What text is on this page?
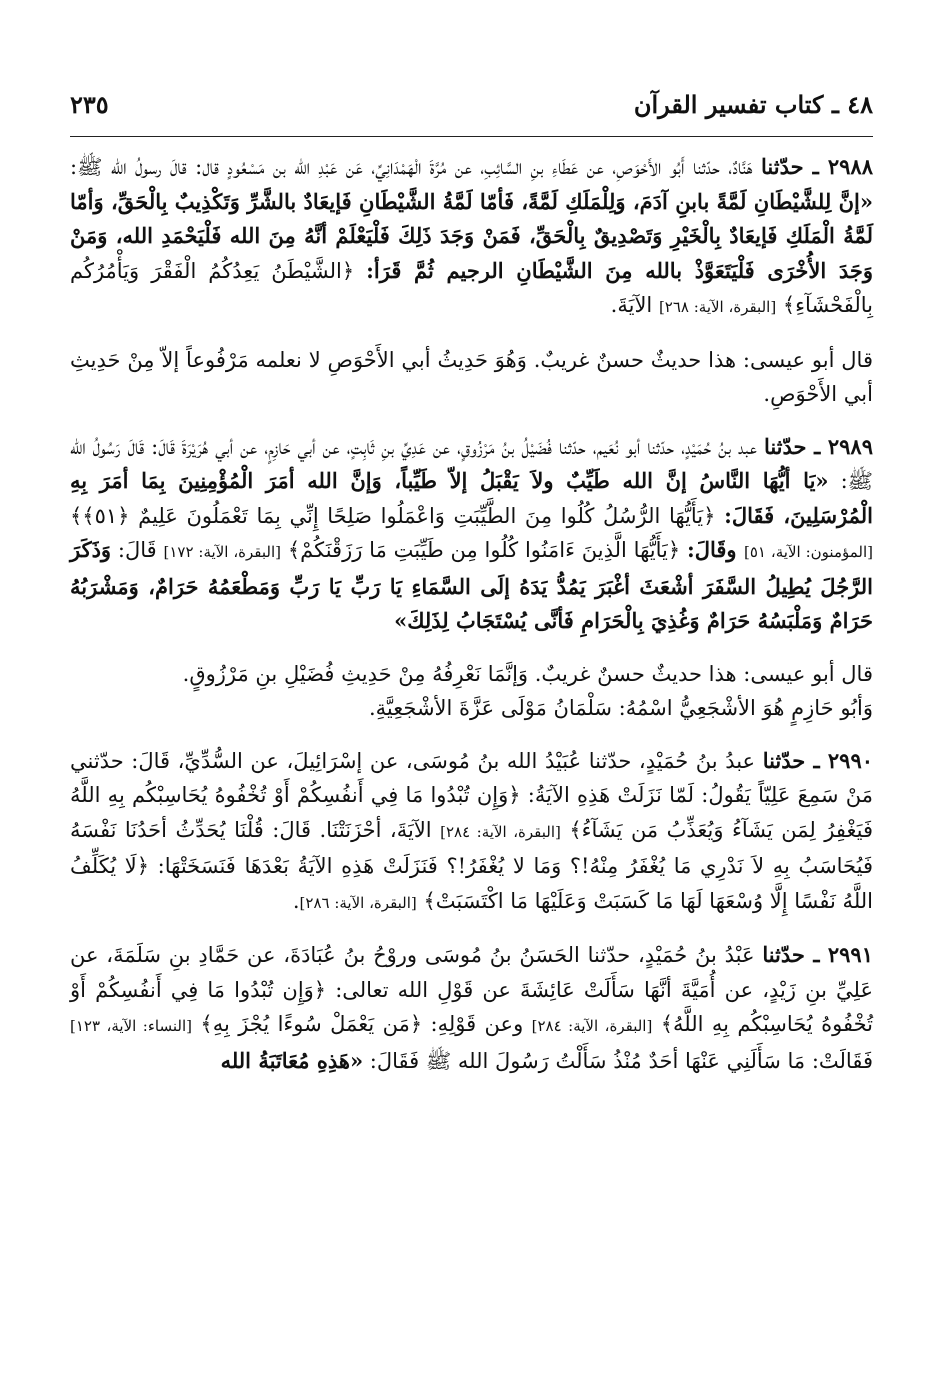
٤٨ ـ كتاب تفسير القرآن
٢٣٥

٢٩٨٨ ـ حدّثنا هَنَّادٌ، حدّثنا أَبُو الأَحْوَصِ، عن عَطَاءِ بنِ السَّائِبِ، عن مُرَّةَ الْهَمْدَانِيِّ، عَن عَبْدِ الله بن مَسْعُودٍ قال: قالَ رسولُ الله ﷺ: «إنَّ لِلشَّيْطَانِ لَمَّةً بابنِ آدَمَ، وَلِلْمَلَكِ لَمَّةً، فَأمّا لَمَّةُ الشَّيْطَانِ فَإيعَادٌ بالشَّرِّ وَتَكْذِيبٌ بِالْحَقِّ، وَأمّا لَمَّةُ الْمَلَكِ فَإيعَادٌ بِالْخَيْرِ وَتَصْدِيقٌ بِالْحَقِّ، فَمَنْ وَجَدَ ذَلِكَ فَلْيَعْلَمْ أنَّهُ مِنَ الله فَلْيَحْمَدِ الله، وَمَنْ وَجَدَ الأُخْرَى فَلْيَتَعَوَّذْ بالله مِنَ الشَّيْطَانِ الرجيم ثُمَّ قَرَأ: ﴿الشَّيْطَنُ يَعِدُكُمُ الْفَقْرَ وَيَأْمُرُكُم بِالْفَحْشَآءِ﴾ [البقرة، الآية: ٢٦٨] الآيَةَ.

قال أبو عيسى: هذا حديثٌ حسنٌ غريبٌ. وَهُوَ حَدِيثُ أبي الأَحْوَصِ لا نعلمه مَرْفُوعاً إلاّ مِنْ حَدِيثِ أبي الأَحْوَصِ.

٢٩٨٩ ـ حدّثنا عبد بنُ حُمَيْدٍ، حدّثنا أبو نُعَيم، حدّثنا فُضَيْلُ بنُ مَرْزُوقٍ، عن عَدِيِّ بنِ ثَابِتٍ، عن أبي حَازِمٍ، عن أبي هُرَيْرَةَ قَالَ: قَالَ رَسُولُ الله ﷺ: «يَا أيُّهَا النَّاسُ إنَّ الله طَيِّبٌ ولاَ يَقْبَلُ إلاّ طَيِّباً، وَإنَّ الله أمَرَ الْمُؤْمِنِينَ بِمَا أمَرَ بِهِ الْمُرْسَلِينَ، فَقَالَ: ﴿يَأَيُّهَا الرُّسُلُ كُلُوا مِنَ الطَّيِّبَتِ وَاعْمَلُوا صَلِحًا إِنِّي بِمَا تَعْمَلُونَ عَلِيمٌ ﴿٥١﴾﴾ [المؤمنون: الآية، ٥١] وقَالَ: ﴿يَأَيُّهَا الَّذِينَ ءَامَنُوا كُلُوا مِن طَيِّبَتِ مَا رَزَقْنَكُمْ﴾ [البقرة، الآية: ١٧٢] قَالَ: وَذَكَرَ الرَّجُلَ يُطِيلُ السَّفَرَ أشْعَثَ أغْبَرَ يَمُدُّ يَدَهُ إلَى السَّمَاءِ يَا رَبِّ يَا رَبِّ وَمَطْعَمُهُ حَرَامٌ، وَمَشْرَبُهُ حَرَامٌ وَمَلْبَسُهُ حَرَامٌ وَغُذِيَ بِالْحَرَامِ فَأنَّى يُسْتَجَابُ لِذَلِكَ»

قال أبو عيسى: هذا حديثٌ حسنٌ غريبٌ. وَإنَّمَا نَعْرِفُهُ مِنْ حَدِيثِ فُضَيْلِ بنِ مَرْزُوقٍ.

وَأبُو حَازِمٍ هُوَ الأشْجَعِيُّ اسْمُهُ: سَلْمَانُ مَوْلَى عَزَّةَ الأشْجَعِيَّةِ.

٢٩٩٠ ـ حدّثنا عبدُ بنُ حُمَيْدٍ، حدّثنا عُبَيْدُ الله بنُ مُوسَى، عن إسْرَائِيلَ، عن السُّدِّيِّ، قَالَ: حدّثني مَنْ سَمِعَ عَلِيّاً يَقُولُ: لَمّا نَزَلَتْ هَذِهِ الآيَةُ: ﴿وَإِن تُبْدُوا مَا فِي أَنفُسِكُمْ أَوْ تُخْفُوهُ يُحَاسِبْكُم بِهِ اللَّهُ فَيَغْفِرُ لِمَن يَشَآءُ وَيُعَذِّبُ مَن يَشَآءُ﴾ [البقرة، الآية: ٢٨٤] الآيَةَ، أحْزَنَتْنَا. قَالَ: قُلْنَا يُحَدِّثُ أحَدُنَا نَفْسَهُ فَيُحَاسَبُ بِهِ لاَ نَدْرِي مَا يُغْفَرُ مِنْهُ!؟ وَمَا لا يُغْفَرُ!؟ فَنَزَلَتْ هَذِهِ الآيَةُ بَعْدَهَا فَنَسَخَتْهَا: ﴿لَا يُكَلِّفُ اللَّهُ نَفْسًا إِلَّا وُسْعَهَا لَهَا مَا كَسَبَتْ وَعَلَيْهَا مَا اكْتَسَبَتْ﴾ [البقرة، الآية: ٢٨٦].

٢٩٩١ ـ حدّثنا عَبْدُ بنُ حُمَيْدٍ، حدّثنا الحَسَنُ بنُ مُوسَى وروْحُ بنُ عُبَادَةَ، عن حَمَّادِ بنِ سَلَمَةَ، عن عَلِيِّ بنِ زَيْدٍ، عن أُمَيَّةَ أنَّهَا سَأَلَتْ عَائِشَةَ عن قَوْلِ الله تعالى: ﴿وَإِن تُبْدُوا مَا فِي أَنفُسِكُمْ أَوْ تُخْفُوهُ يُحَاسِبْكُم بِهِ اللَّهُ﴾ [البقرة، الآية: ٢٨٤] وعن قَوْلِهِ: ﴿مَن يَعْمَلْ سُوءًا يُجْزَ بِهِ﴾ [النساء: الآية، ١٢٣] فَقَالَتْ: مَا سَأَلَنِي عَنْهَا أحَدٌ مُنْذُ سَأَلْتُ رَسُولَ الله ﷺ فَقَالَ: «هَذِهِ مُعَاتَبَةُ الله
